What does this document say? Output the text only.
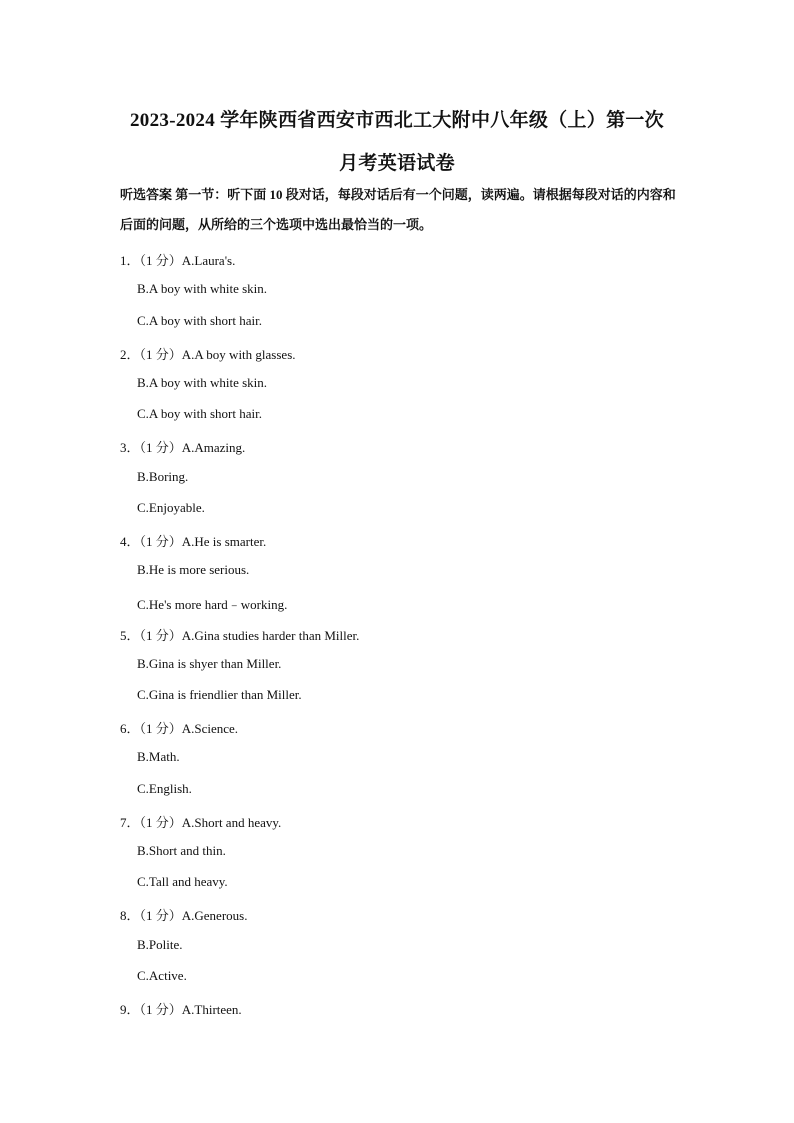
2023-2024 学年陕西省西安市西北工大附中八年级（上）第一次
月考英语试卷
听选答案 第一节：听下面 10 段对话，每段对话后有一个问题，读两遍。请根据每段对话的内容和后面的问题，从所给的三个选项中选出最恰当的一项。
1．（1 分）A.Laura's.
B.A boy with white skin.
C.A boy with short hair.
2．（1 分）A.A boy with glasses.
B.A boy with white skin.
C.A boy with short hair.
3．（1 分）A.Amazing.
B.Boring.
C.Enjoyable.
4．（1 分）A.He is smarter.
B.He is more serious.
C.He's more hard﹣working.
5．（1 分）A.Gina studies harder than Miller.
B.Gina is shyer than Miller.
C.Gina is friendlier than Miller.
6．（1 分）A.Science.
B.Math.
C.English.
7．（1 分）A.Short and heavy.
B.Short and thin.
C.Tall and heavy.
8．（1 分）A.Generous.
B.Polite.
C.Active.
9．（1 分）A.Thirteen.
